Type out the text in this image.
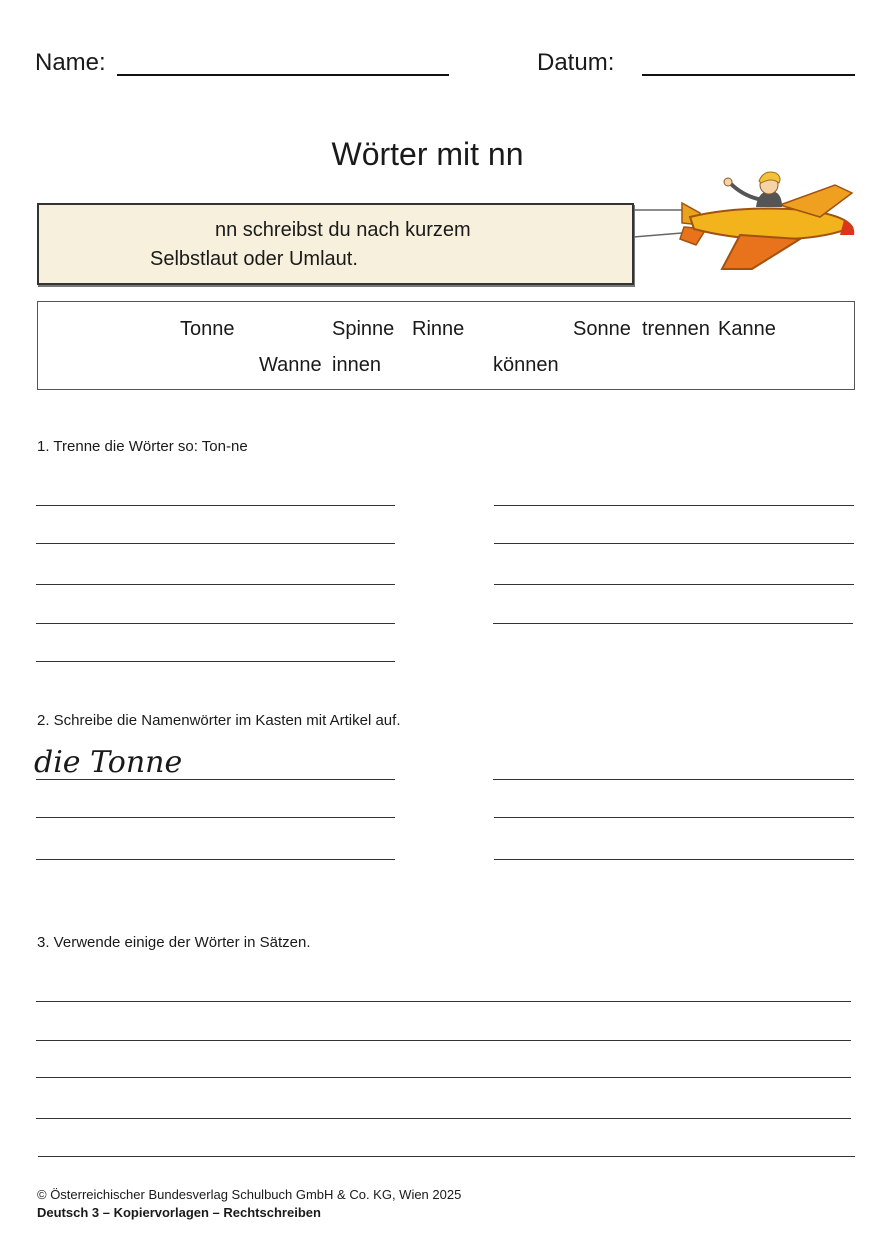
Name:	Datum:
Wörter mit nn
nn schreibst du nach kurzem
Selbstlaut oder Umlaut.
Tonne	Spinne Rinne	Sonne trennen Kanne
Wanne innen	können
1. Trenne die Wörter so: Ton-ne
2. Schreibe die Namenwörter im Kasten mit Artikel auf.
die Tonne
3. Verwende einige der Wörter in Sätzen.
© Österreichischer Bundesverlag Schulbuch GmbH & Co. KG, Wien 2025
Deutsch 3 – Kopiervorlagen – Rechtschreiben
